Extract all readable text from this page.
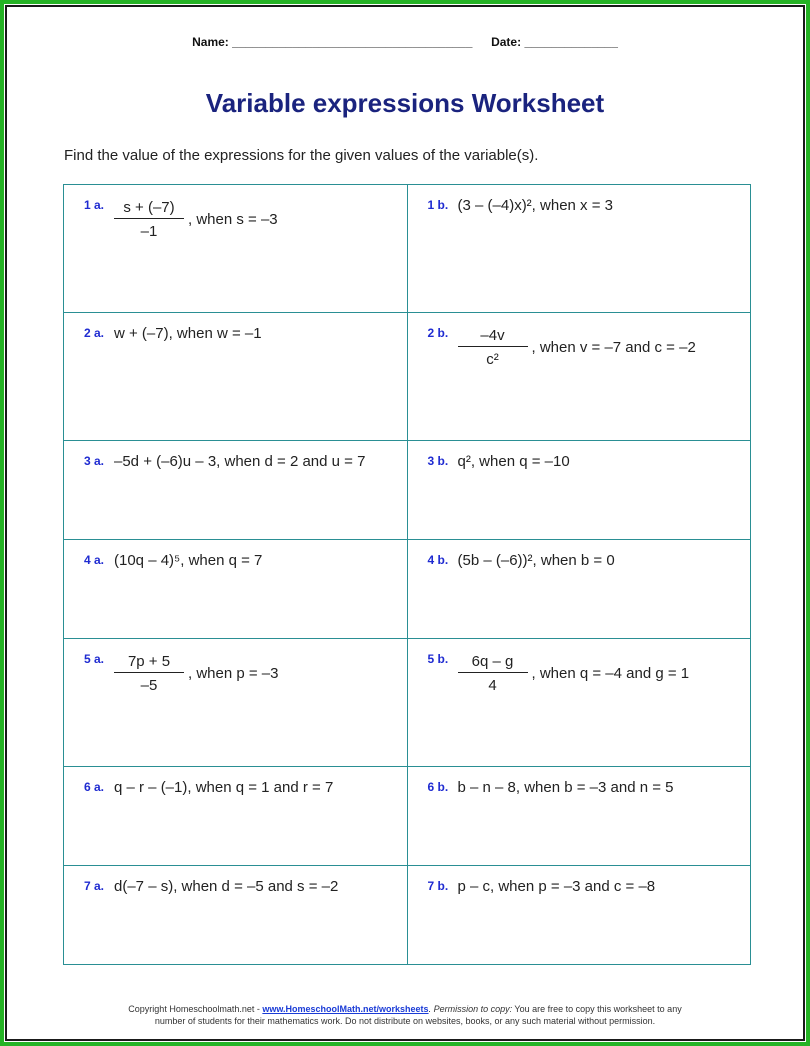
Name: ____________________________________ Date: ______________
Variable expressions Worksheet
Find the value of the expressions for the given values of the variable(s).
1 a. $\frac{s + (-7)}{-1}$ , when s = –3	1 b. (3 – (–4)x)², when x = 3

2 a. w + (–7), when w = –1	2 b. $\frac{-4v}{\text{c²}}$ , when v = –7 and c = –2

3 a. –5d + (–6)u – 3, when d = 2 and u = 7	3 b. q², when q = –10

4 a. (10q – 4)⁵, when q = 7	4 b. (5b – (–6))², when b = 0

5 a. $\frac{7p + 5}{-5}$ , when p = –3	5 b. $\frac{6q - g}{4}$ , when q = –4 and g = 1

6 a. q – r – (–1), when q = 1 and r = 7	6 b. b – n – 8, when b = –3 and n = 5

7 a. d(–7 – s), when d = –5 and s = –2	7 b. p – c, when p = –3 and c = –8
Copyright Homeschoolmath.net - www.HomeschoolMath.net/worksheets. Permission to copy: You are free to copy this worksheet to any
number of students for their mathematics work. Do not distribute on websites, books, or any such material without permission.
